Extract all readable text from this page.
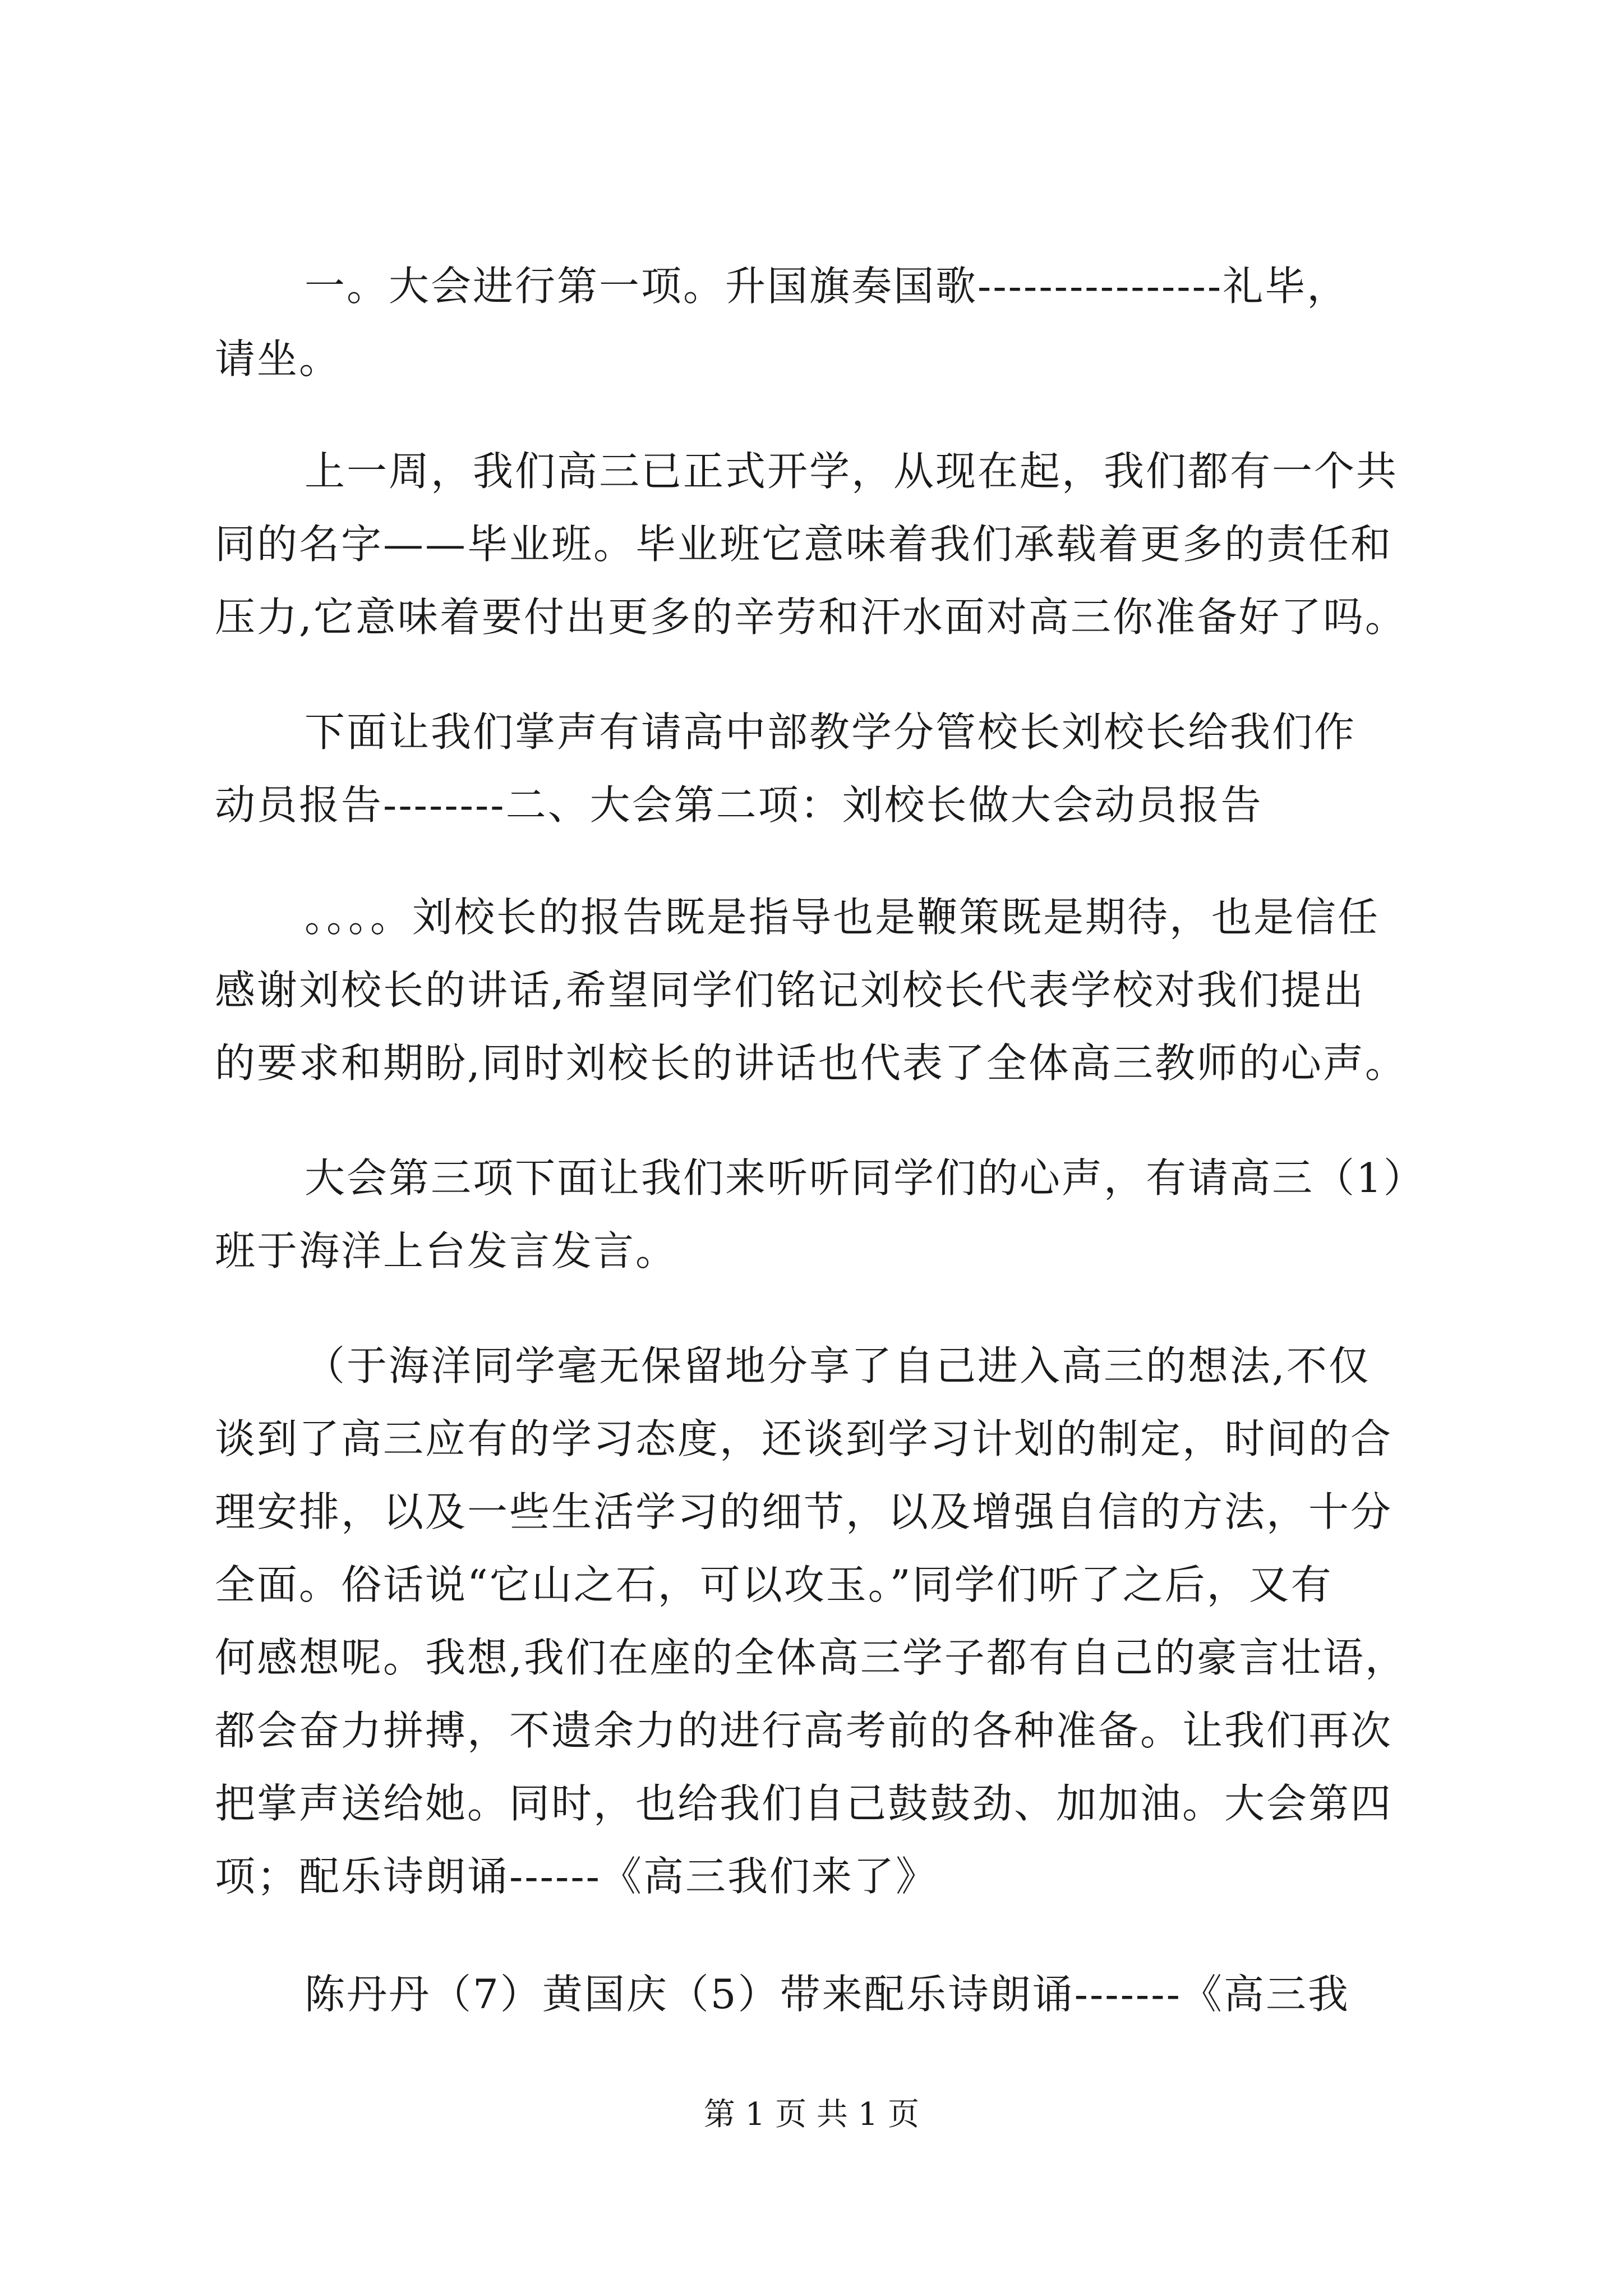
一。大会进行第一项。升国旗奏国歌----------------礼毕，
请坐。
上一周，我们高三已正式开学，从现在起，我们都有一个共
同的名字——毕业班。毕业班它意味着我们承载着更多的责任和
压力,它意味着要付出更多的辛劳和汗水面对高三你准备好了吗。
下面让我们掌声有请高中部教学分管校长刘校长给我们作
动员报告--------二、大会第二项：刘校长做大会动员报告
。。。。刘校长的报告既是指导也是鞭策既是期待，也是信任
感谢刘校长的讲话,希望同学们铭记刘校长代表学校对我们提出
的要求和期盼,同时刘校长的讲话也代表了全体高三教师的心声。
大会第三项下面让我们来听听同学们的心声，有请高三（1）
班于海洋上台发言发言。
（于海洋同学毫无保留地分享了自己进入高三的想法,不仅
谈到了高三应有的学习态度，还谈到学习计划的制定，时间的合
理安排，以及一些生活学习的细节，以及增强自信的方法，十分
全面。俗话说“它山之石，可以攻玉。”同学们听了之后，又有
何感想呢。我想,我们在座的全体高三学子都有自己的豪言壮语，
都会奋力拼搏，不遗余力的进行高考前的各种准备。让我们再次
把掌声送给她。同时，也给我们自己鼓鼓劲、加加油。大会第四
项；配乐诗朗诵------《高三我们来了》
陈丹丹（7）黄国庆（5）带来配乐诗朗诵-------《高三我
第 1 页 共 1 页
